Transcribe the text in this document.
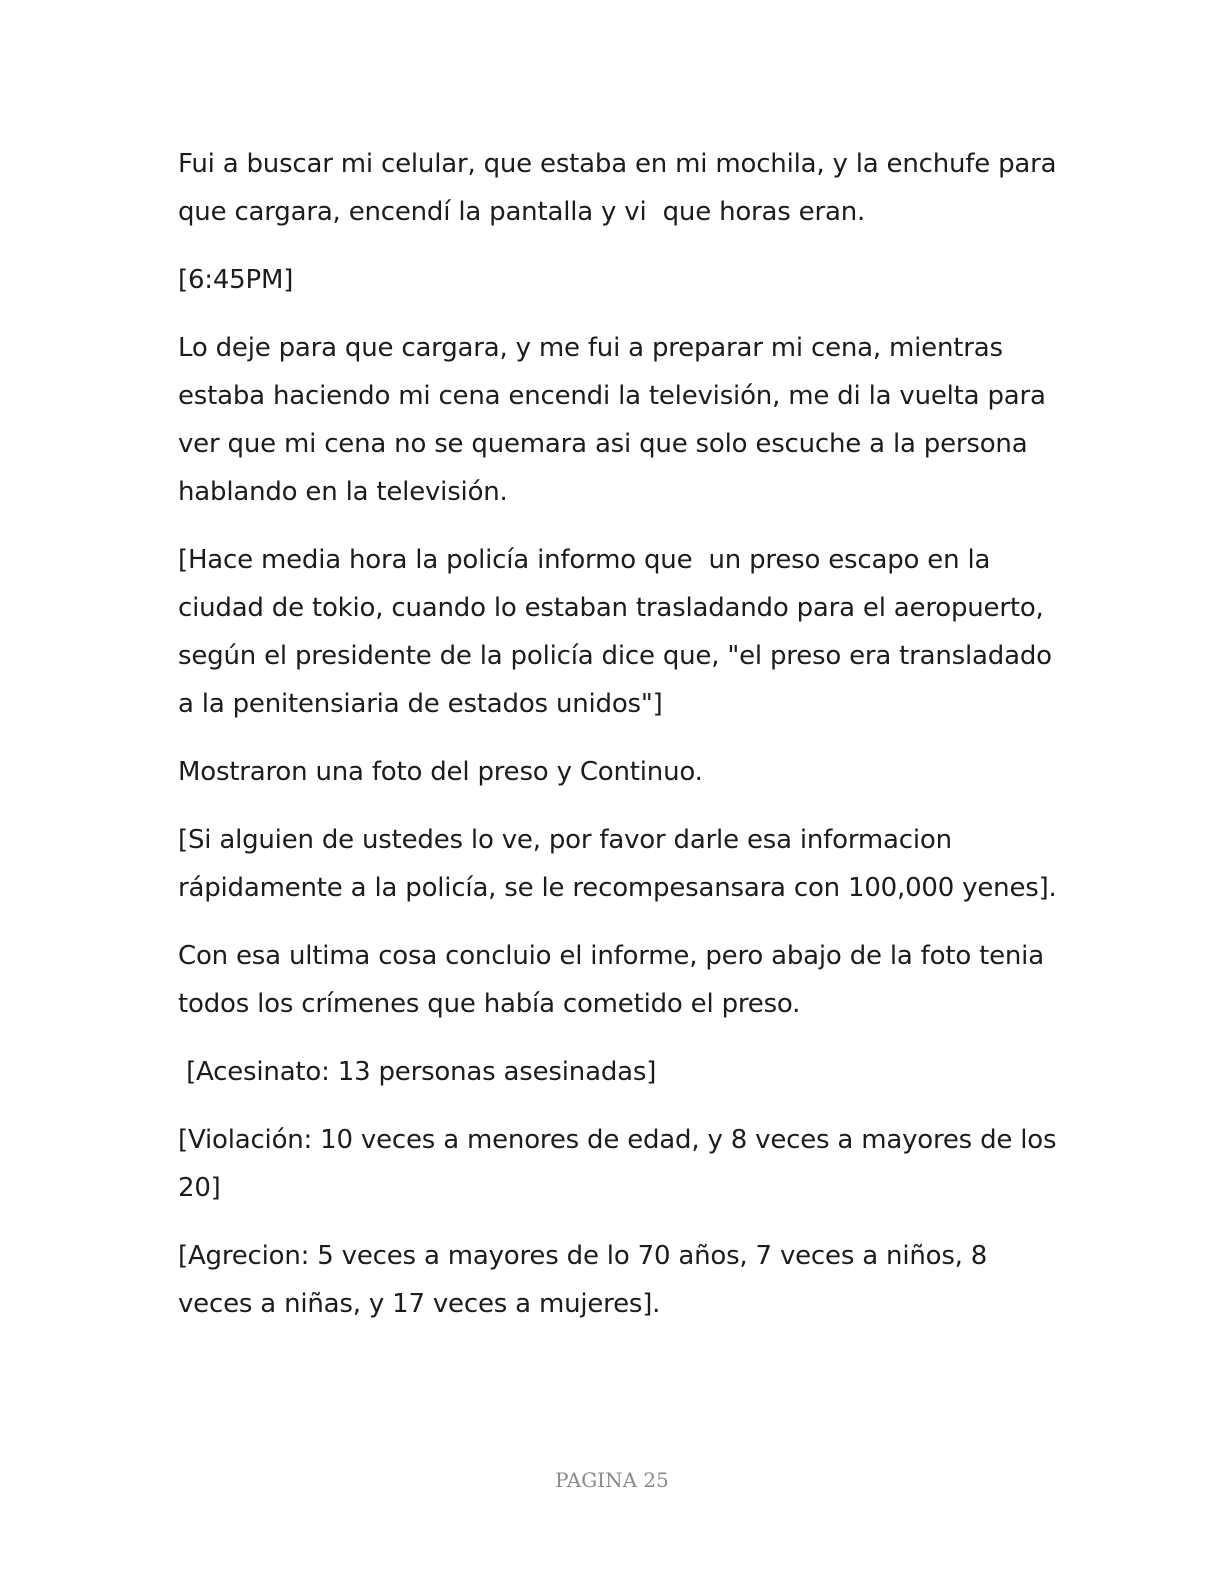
Fui a buscar mi celular, que estaba en mi mochila, y la enchufe para que cargara, encendí la pantalla y vi  que horas eran.

[6:45PM]

Lo deje para que cargara, y me fui a preparar mi cena, mientras estaba haciendo mi cena encendi la televisión, me di la vuelta para ver que mi cena no se quemara asi que solo escuche a la persona hablando en la televisión.

[Hace media hora la policía informo que  un preso escapo en la ciudad de tokio, cuando lo estaban trasladando para el aeropuerto, según el presidente de la policía dice que, "el preso era transladado a la penitensiaria de estados unidos"]

Mostraron una foto del preso y Continuo.

[Si alguien de ustedes lo ve, por favor darle esa informacion rápidamente a la policía, se le recompesansara con 100,000 yenes].

Con esa ultima cosa concluio el informe, pero abajo de la foto tenia todos los crímenes que había cometido el preso.

[Acesinato: 13 personas asesinadas]

[Violación: 10 veces a menores de edad, y 8 veces a mayores de los 20]

[Agrecion: 5 veces a mayores de lo 70 años, 7 veces a niños, 8 veces a niñas, y 17 veces a mujeres].

PAGINA 25
